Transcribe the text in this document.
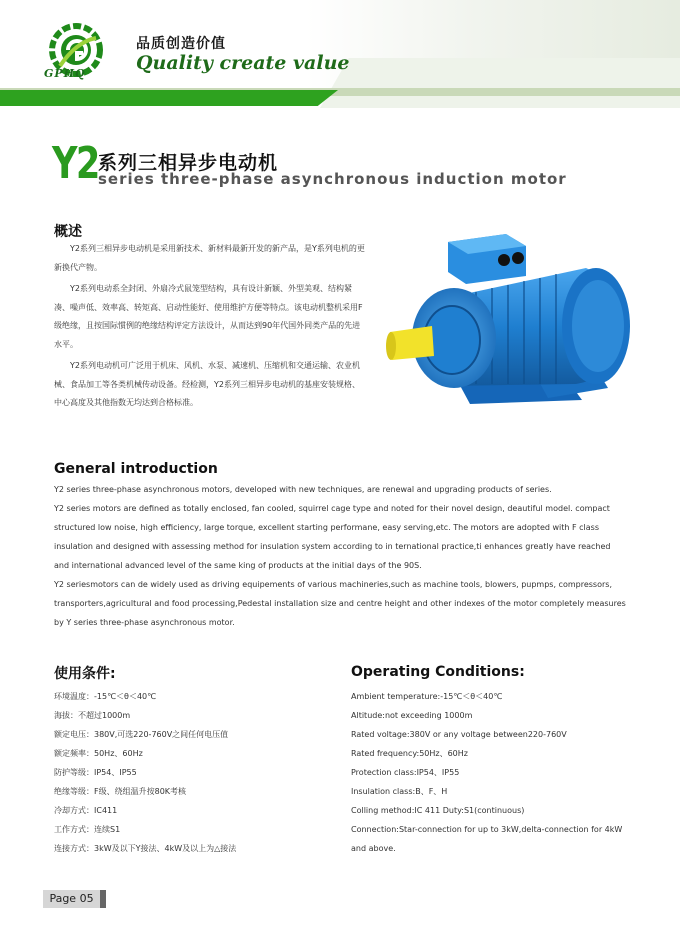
GPHQ
品质创造价值
Quality create value
Y2 系列三相异步电动机
series three-phase asynchronous induction motor
概述

Y2系列三相异步电动机是采用新技术、新材料最新开发的新产品，是Y系列电机的更新换代产物。

Y2系列电动系全封闭、外扇冷式鼠笼型结构，具有设计新颖、外型美观、结构紧凑、噪声低、效率高、转矩高、启动性能好、使用维护方便等特点。该电动机整机采用F级绝缘，且按国际惯例的绝缘结构评定方法设计，从而达到90年代国外同类产品的先进水平。

Y2系列电动机可广泛用于机床、风机、水泵、减速机、压缩机和交通运输、农业机械、食品加工等各类机械传动设备。经检测，Y2系列三相异步电动机的基座安装规格、中心高度及其他指数无均达到合格标准。

General introduction

Y2 series three-phase asynchronous motors, developed with new techniques, are renewal and upgrading products of series.

Y2 series motors are defined as totally enclosed, fan cooled, squirrel cage type and noted for their novel design, deautiful model. compact

structured low noise, high efficiency, large torque, excellent starting performane, easy serving,etc. The motors are adopted with F class

insulation and designed with assessing method for insulation system according to in ternational practice,ti enhances greatly have reached

and international advanced level of the same king of products at the initial days of the 90S.

Y2 seriesmotors can de widely used as driving equipements of various machineries,such as machine tools, blowers, pupmps, compressors,

transporters,agricultural and food processing,Pedestal installation size and centre height and other indexes of the motor completely measures

by Y series three-phase asynchronous motor.

使用条件:
环境温度：-15℃＜θ＜40℃
海拔：不超过1000m
额定电压：380V,可选220-760V之间任何电压值
额定频率：50Hz、60Hz
防护等级：IP54、IP55
绝缘等级：F级、绕组温升按80K考核
冷却方式：IC411
工作方式：连续S1
连接方式：3kW及以下Y接法、4kW及以上为△接法
Operating Conditions:
Ambient temperature:-15℃＜θ＜40℃
Altitude:not exceeding 1000m
Rated voltage:380V or any voltage between220-760V
Rated frequency:50Hz、60Hz
Protection class:IP54、IP55
Insulation class:B、F、H
Colling method:IC 411 Duty:S1(continuous)
Connection:Star-connection for up to 3kW,delta-connection for 4kW
and above.
Page 05
